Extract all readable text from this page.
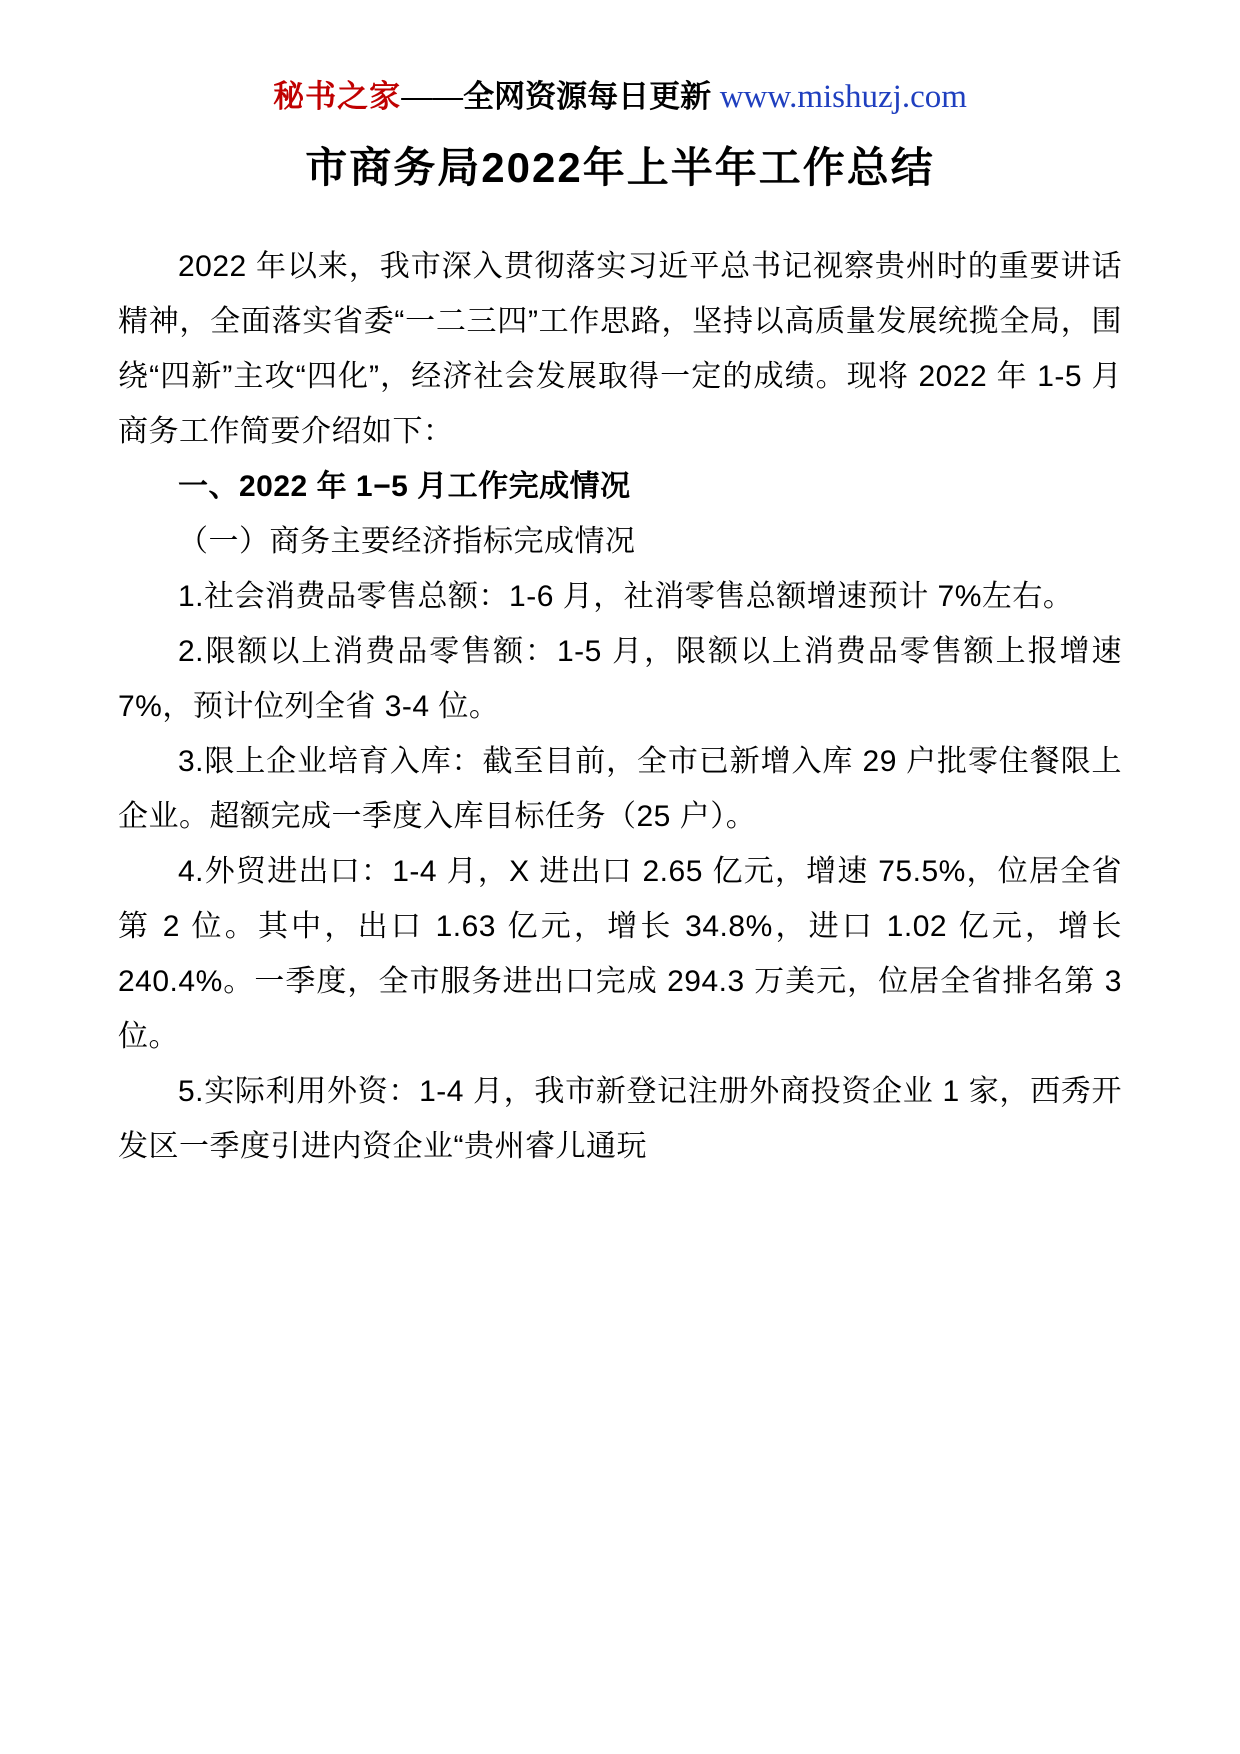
秘书之家——全网资源每日更新 www.mishuzj.com
市商务局2022年上半年工作总结

2022 年以来，我市深入贯彻落实习近平总书记视察贵州时的重要讲话精神，全面落实省委“一二三四”工作思路，坚持以高质量发展统揽全局，围绕“四新”主攻“四化”，经济社会发展取得一定的成绩。现将 2022 年 1-5 月商务工作简要介绍如下：

一、2022 年 1−5 月工作完成情况

（一）商务主要经济指标完成情况

1.社会消费品零售总额：1-6 月，社消零售总额增速预计 7%左右。

2.限额以上消费品零售额：1-5 月，限额以上消费品零售额上报增速 7%，预计位列全省 3-4 位。

3.限上企业培育入库：截至目前，全市已新增入库 29 户批零住餐限上企业。超额完成一季度入库目标任务（25 户）。

4.外贸进出口：1-4 月，X 进出口 2.65 亿元，增速 75.5%，位居全省第 2 位。其中，出口 1.63 亿元，增长 34.8%，进口 1.02 亿元，增长 240.4%。一季度，全市服务进出口完成 294.3 万美元，位居全省排名第 3 位。

5.实际利用外资：1-4 月，我市新登记注册外商投资企业 1 家，西秀开发区一季度引进内资企业“贵州睿儿通玩
